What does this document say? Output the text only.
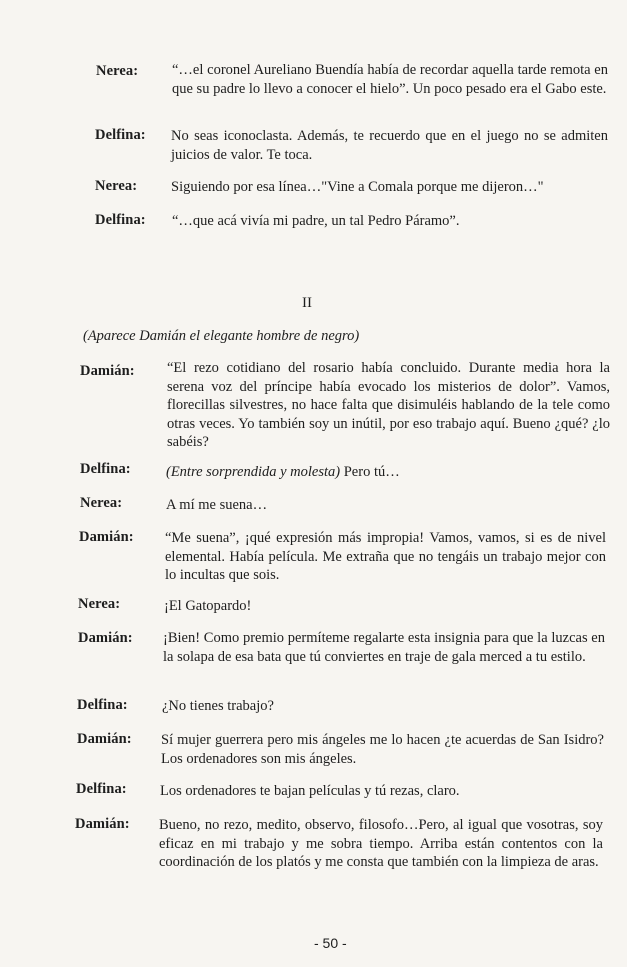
Nerea: “…el coronel Aureliano Buendía había de recordar aquella tarde remota en que su padre lo llevo a conocer el hielo”. Un poco pesado era el Gabo este.
Delfina: No seas iconoclasta. Además, te recuerdo que en el juego no se admiten juicios de valor. Te toca.
Nerea: Siguiendo por esa línea…"Vine a Comala porque me dijeron…"
Delfina: “…que acá vivía mi padre, un tal Pedro Páramo”.
II
(Aparece Damián el elegante hombre de negro)
Damián: “El rezo cotidiano del rosario había concluido. Durante media hora la serena voz del príncipe había evocado los misterios de dolor”. Vamos, florecillas silvestres, no hace falta que disimuléis hablando de la tele como otras veces. Yo también soy un inútil, por eso trabajo aquí. Bueno ¿qué? ¿lo sabéis?
Delfina: (Entre sorprendida y molesta) Pero tú…
Nerea:	A mí me suena…
Damián: “Me suena”, ¡qué expresión más impropia! Vamos, vamos, si es de nivel elemental. Había película. Me extraña que no tengáis un trabajo mejor con lo incultas que sois.
Nerea:	¡El Gatopardo!
Damián: ¡Bien! Como premio permíteme regalarte esta insignia para que la luzcas en la solapa de esa bata que tú conviertes en traje de gala merced a tu estilo.
Delfina: ¿No tienes trabajo?
Damián: Sí mujer guerrera pero mis ángeles me lo hacen ¿te acuerdas de San Isidro? Los ordenadores son mis ángeles.
Delfina: Los ordenadores te bajan películas y tú rezas, claro.
Damián: Bueno, no rezo, medito, observo, filosofo…Pero, al igual que vosotras, soy eficaz en mi trabajo y me sobra tiempo. Arriba están contentos con la coordinación de los platós y me consta que también con la limpieza de aras.
- 50 -
